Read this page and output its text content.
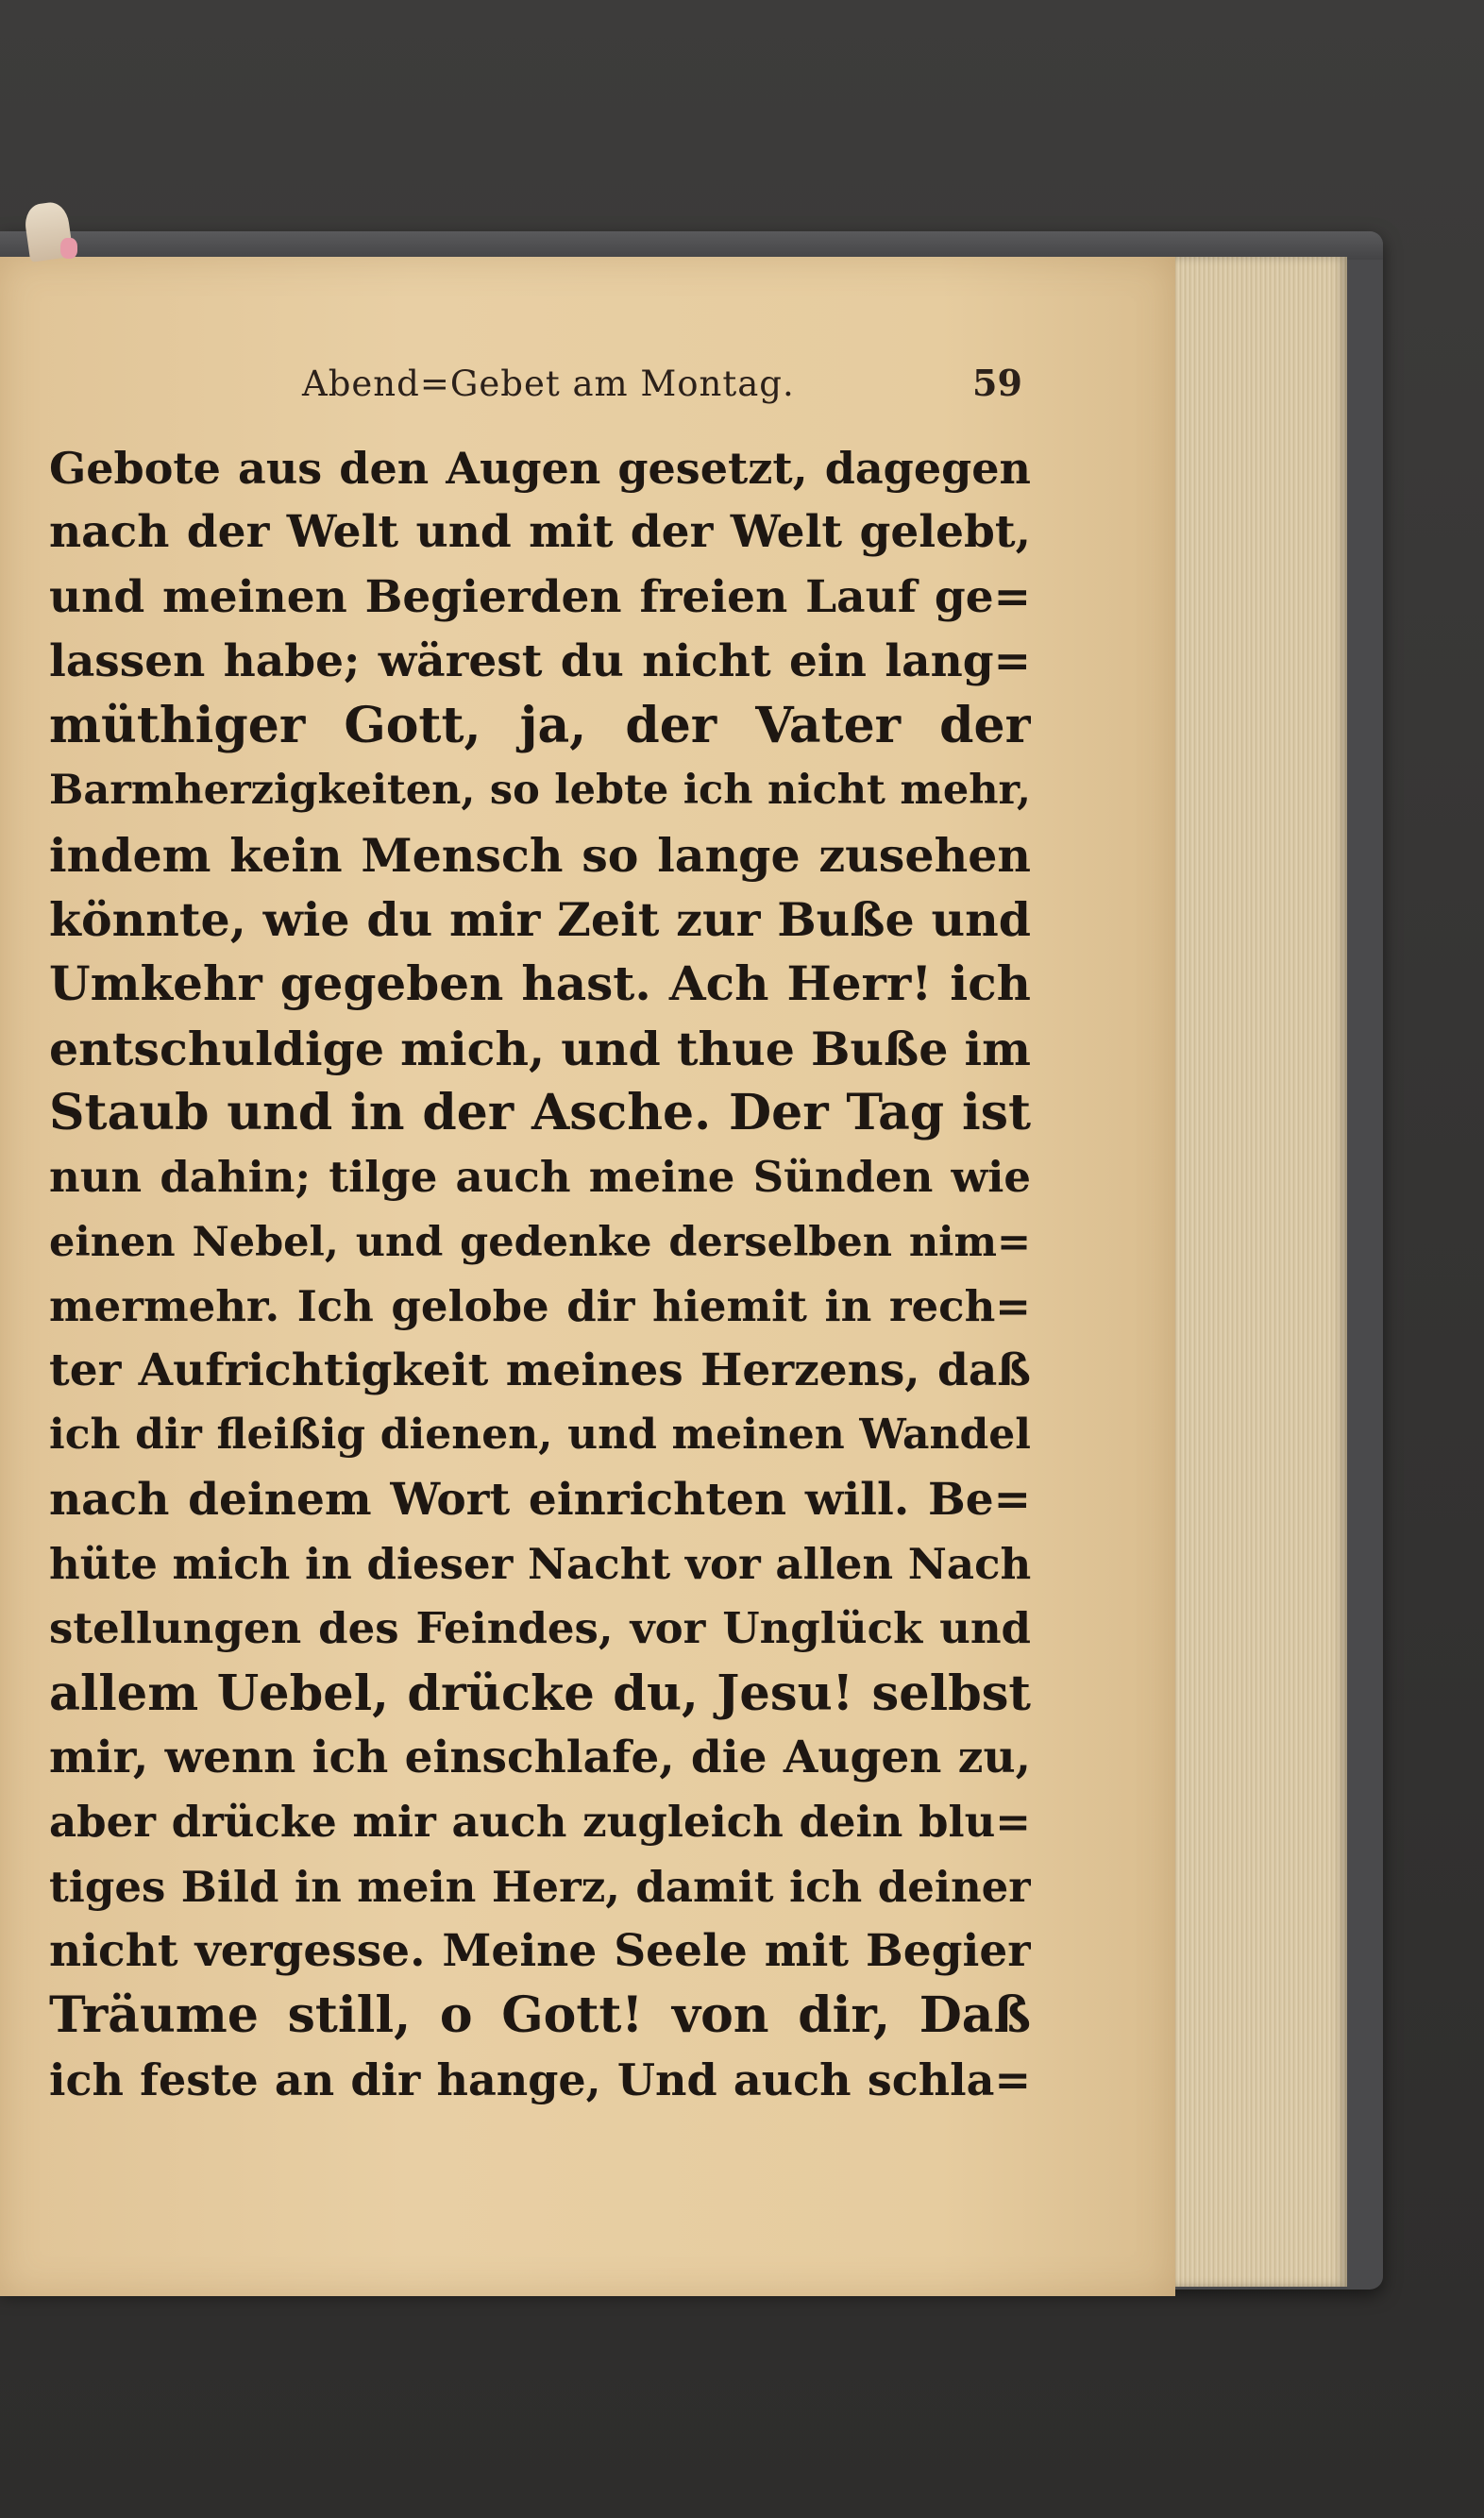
Abend=Gebet am Montag.	59
Gebote aus den Augen gesetzt, dagegen
nach der Welt und mit der Welt gelebt,
und meinen Begierden freien Lauf ge=
lassen habe; wärest du nicht ein lang=
müthiger Gott, ja, der Vater der
Barmherzigkeiten, so lebte ich nicht mehr,
indem kein Mensch so lange zusehen
könnte, wie du mir Zeit zur Buße und
Umkehr gegeben hast. Ach Herr! ich
entschuldige mich, und thue Buße im
Staub und in der Asche. Der Tag ist
nun dahin; tilge auch meine Sünden wie
einen Nebel, und gedenke derselben nim=
mermehr. Ich gelobe dir hiemit in rech=
ter Aufrichtigkeit meines Herzens, daß
ich dir fleißig dienen, und meinen Wandel
nach deinem Wort einrichten will. Be=
hüte mich in dieser Nacht vor allen Nach
stellungen des Feindes, vor Unglück und
allem Uebel, drücke du, Jesu! selbst
mir, wenn ich einschlafe, die Augen zu,
aber drücke mir auch zugleich dein blu=
tiges Bild in mein Herz, damit ich deiner
nicht vergesse. Meine Seele mit Begier
Träume still, o Gott! von dir, Daß
ich feste an dir hange, Und auch schla=
